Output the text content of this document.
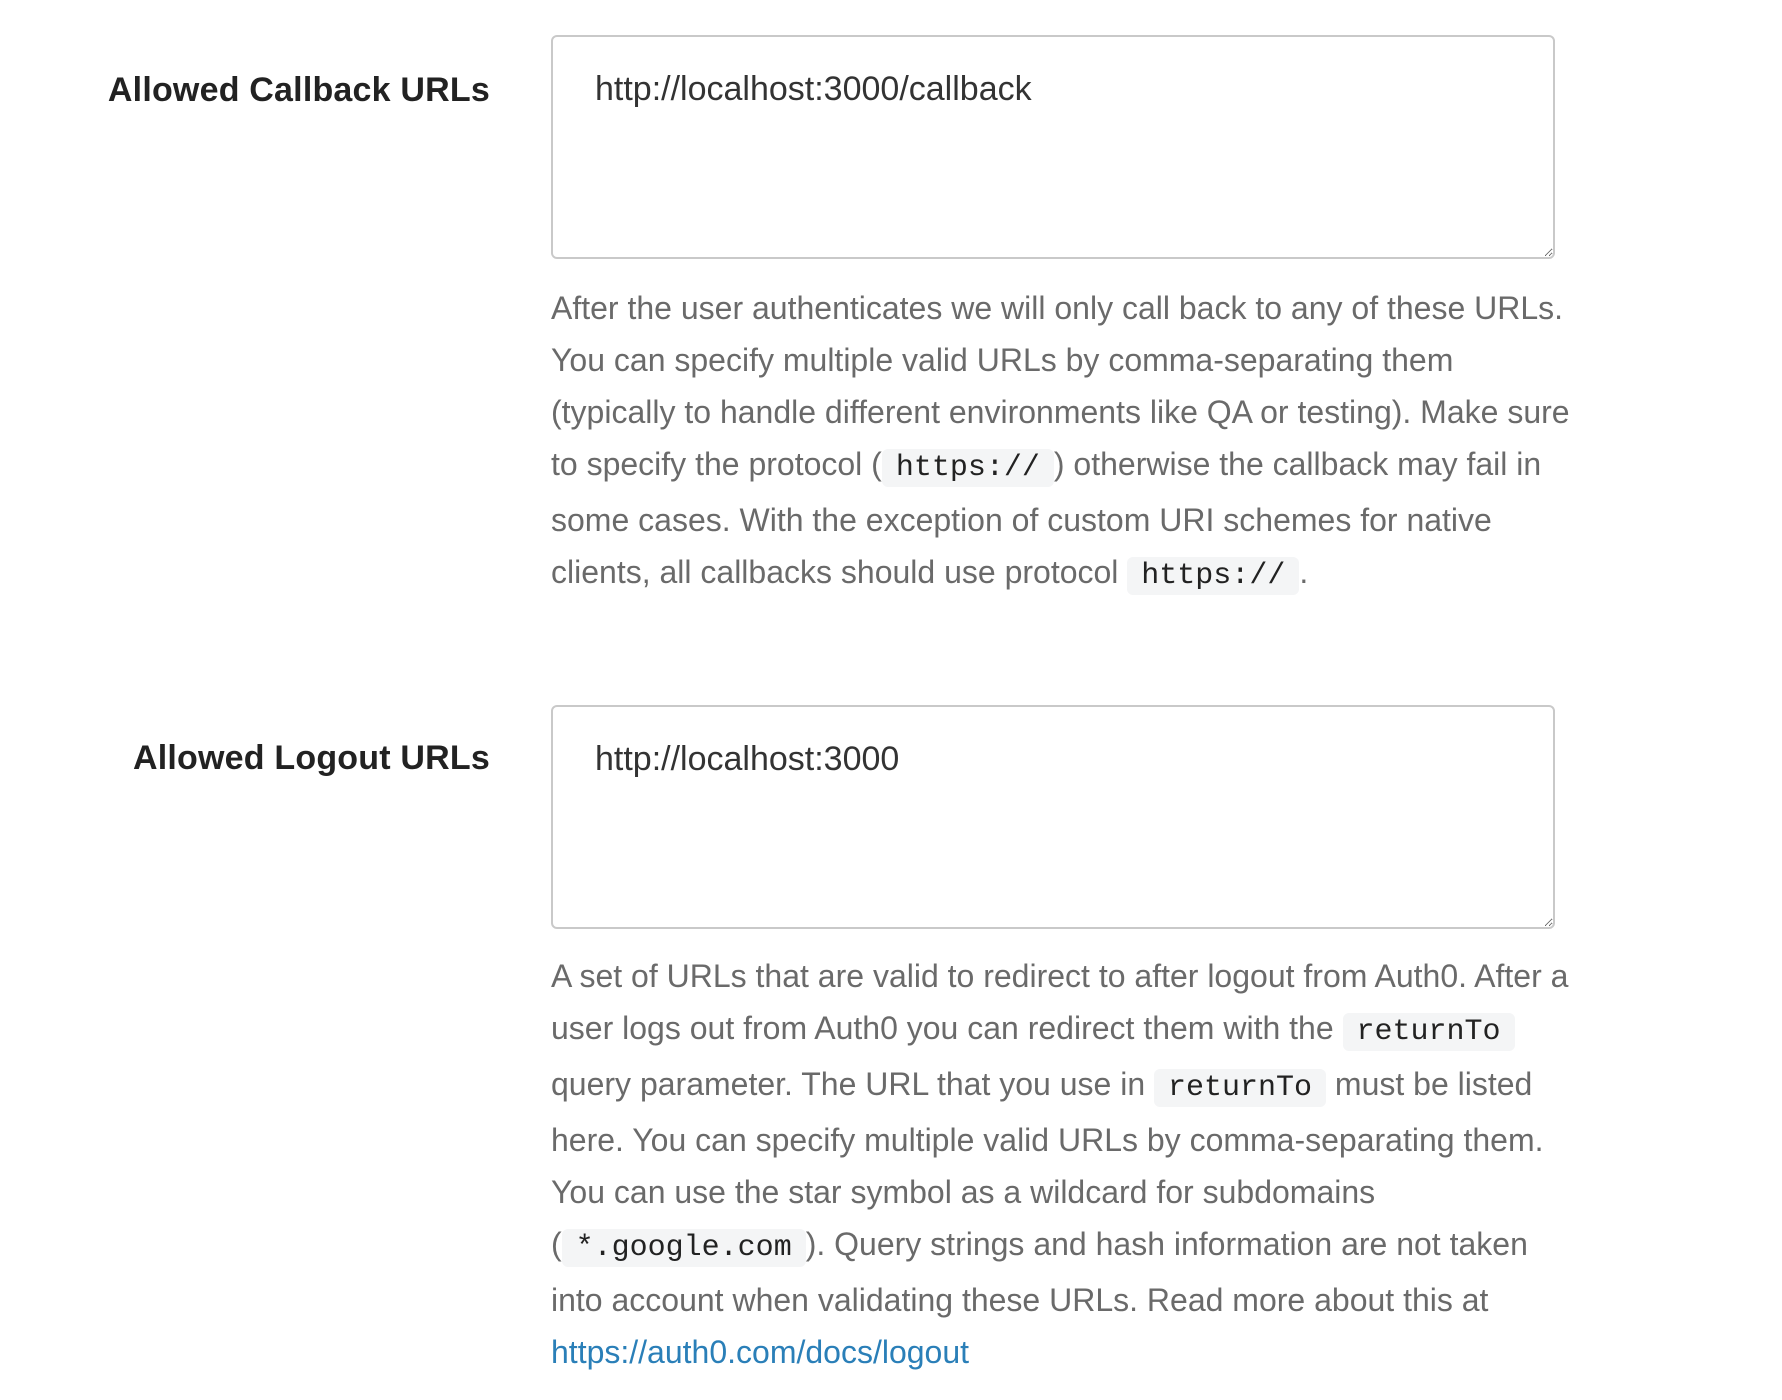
Allowed Callback URLs
http://localhost:3000/callback
After the user authenticates we will only call back to any of these URLs. You can specify multiple valid URLs by comma-separating them (typically to handle different environments like QA or testing). Make sure to specify the protocol ( https:// ) otherwise the callback may fail in some cases. With the exception of custom URI schemes for native clients, all callbacks should use protocol https:// .
Allowed Logout URLs
http://localhost:3000
A set of URLs that are valid to redirect to after logout from Auth0. After a user logs out from Auth0 you can redirect them with the returnTo query parameter. The URL that you use in returnTo must be listed here. You can specify multiple valid URLs by comma-separating them. You can use the star symbol as a wildcard for subdomains ( *.google.com ). Query strings and hash information are not taken into account when validating these URLs. Read more about this at https://auth0.com/docs/logout
